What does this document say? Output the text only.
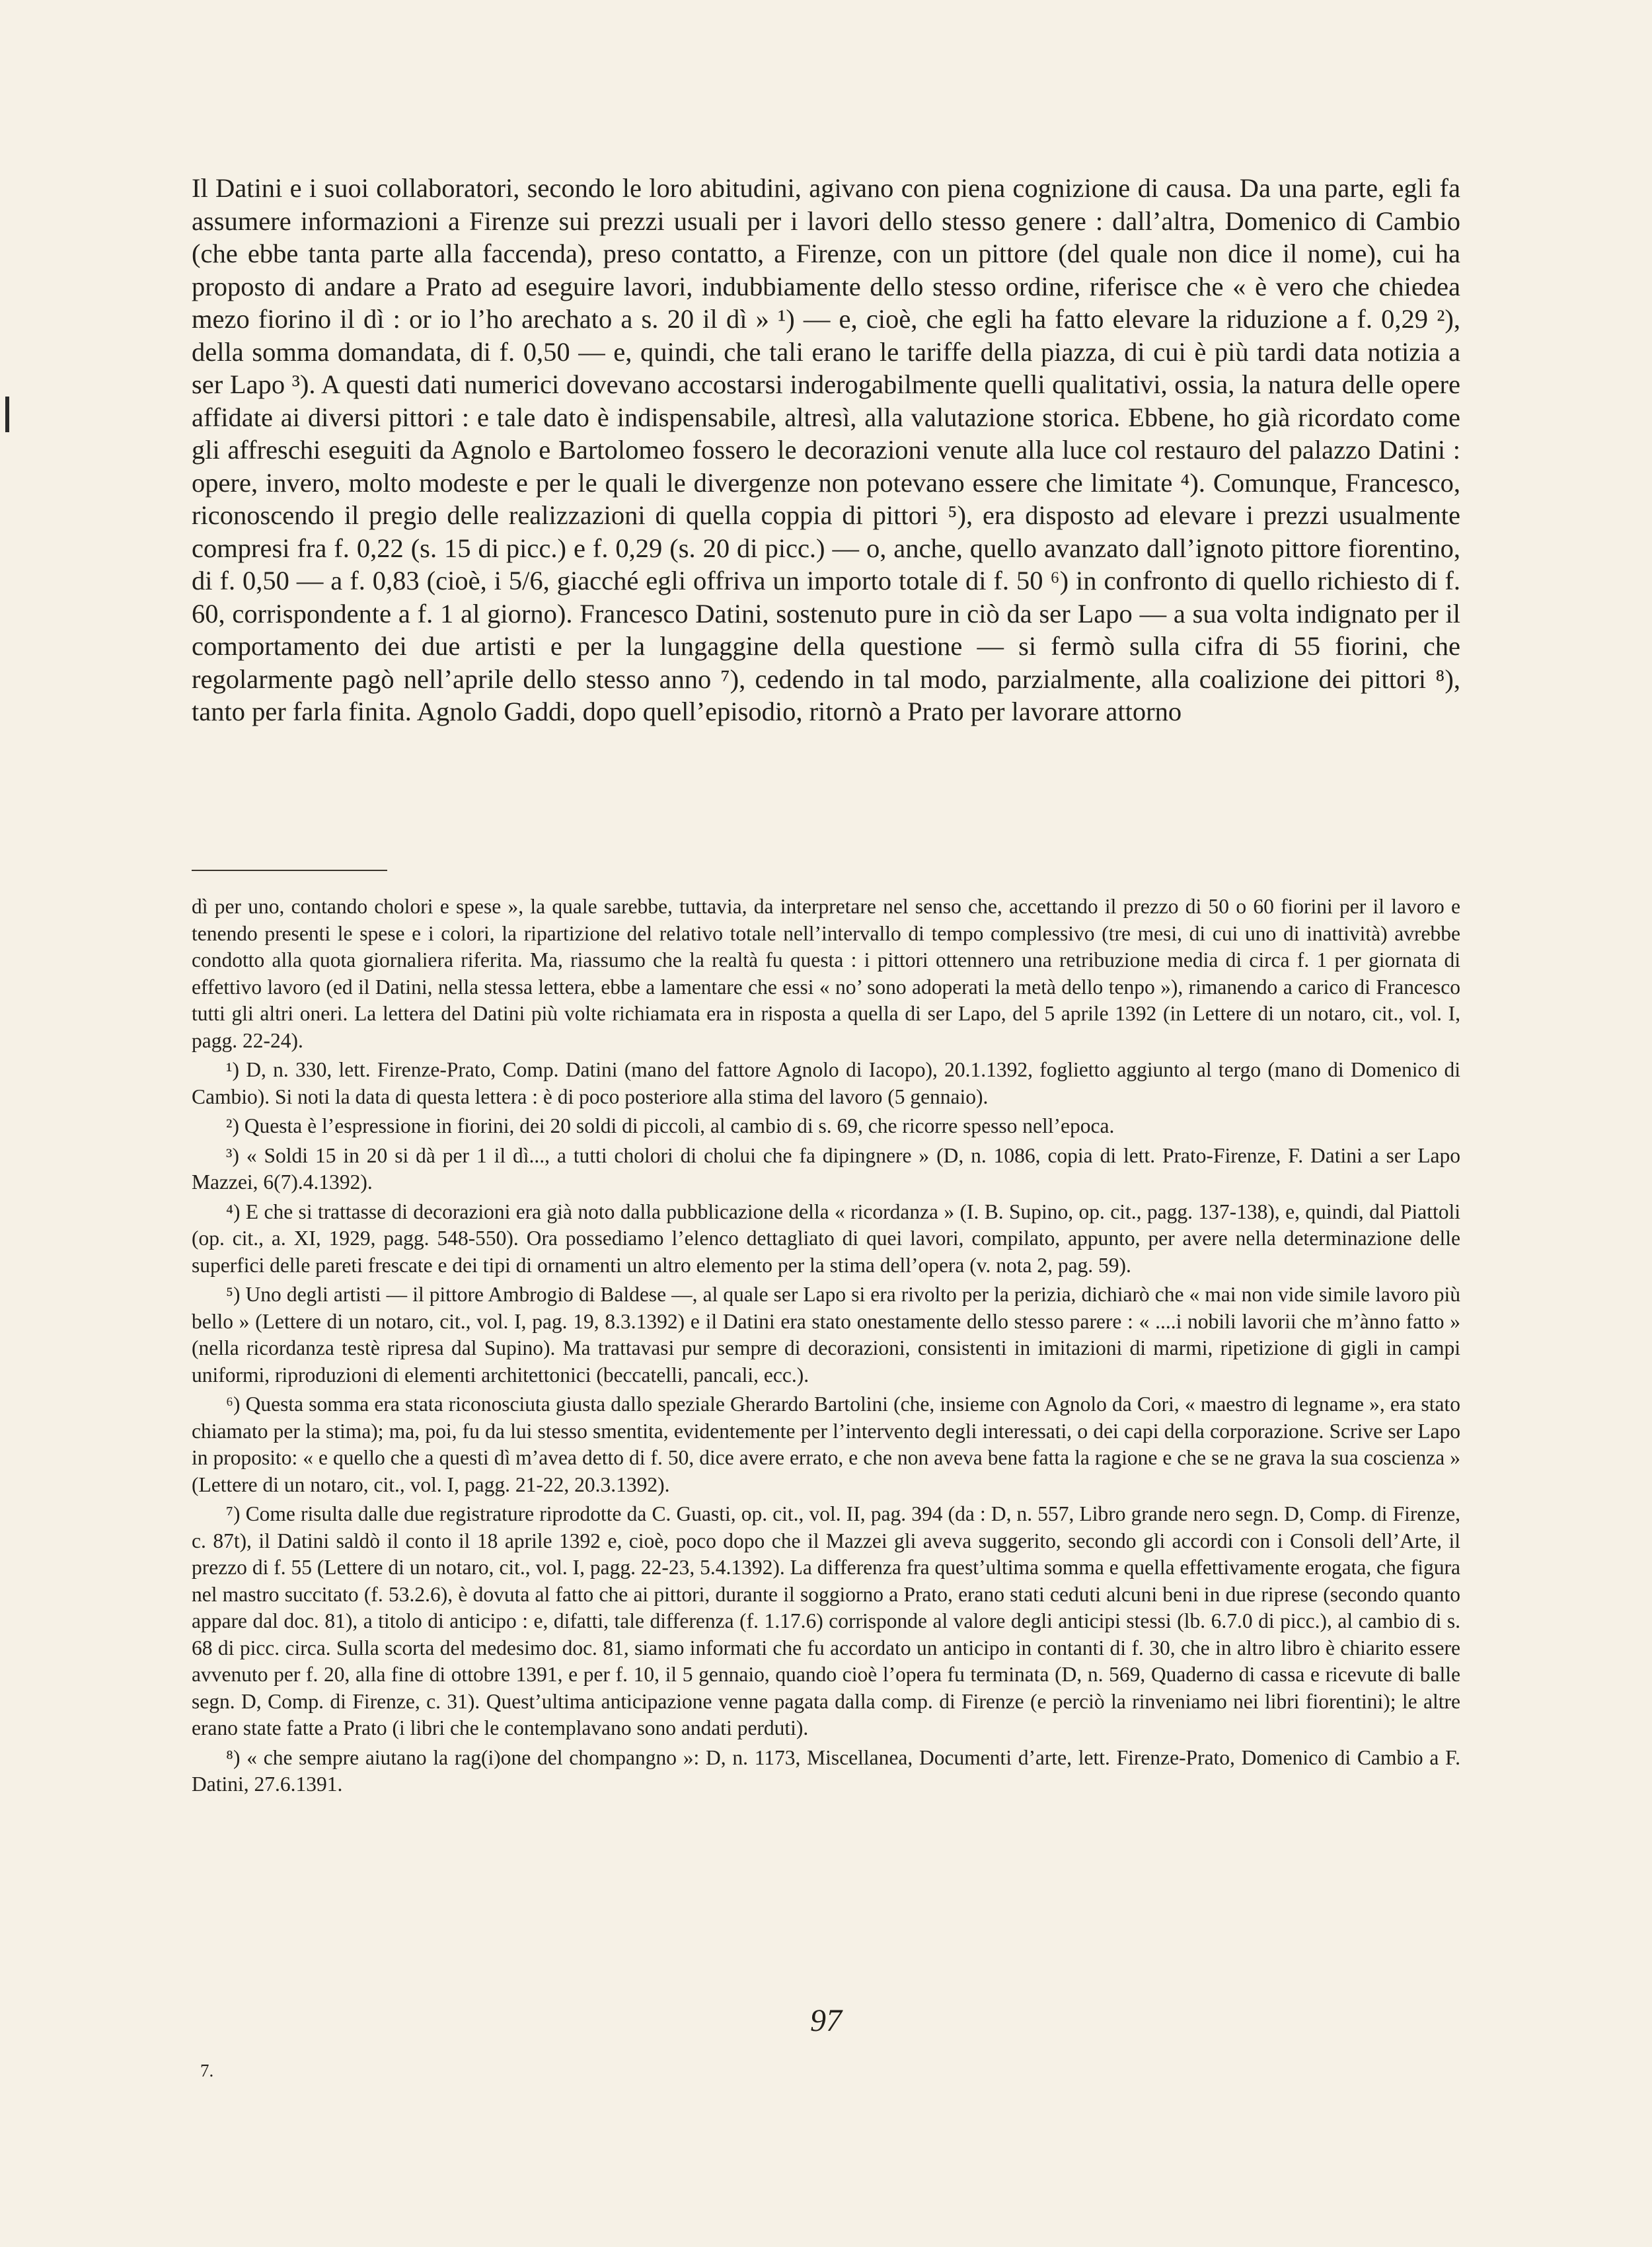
Il Datini e i suoi collaboratori, secondo le loro abitudini, agivano con piena cognizione di causa. Da una parte, egli fa assumere informazioni a Firenze sui prezzi usuali per i lavori dello stesso genere : dall’altra, Domenico di Cambio (che ebbe tanta parte alla faccenda), preso contatto, a Firenze, con un pittore (del quale non dice il nome), cui ha proposto di andare a Prato ad eseguire lavori, indubbiamente dello stesso ordine, riferisce che « è vero che chiedea mezo fiorino il dì : or io l’ho arechato a s. 20 il dì » ¹) — e, cioè, che egli ha fatto elevare la riduzione a f. 0,29 ²), della somma domandata, di f. 0,50 — e, quindi, che tali erano le tariffe della piazza, di cui è più tardi data notizia a ser Lapo ³). A questi dati numerici dovevano accostarsi inderogabilmente quelli qualitativi, ossia, la natura delle opere affidate ai diversi pittori : e tale dato è indispensabile, altresì, alla valutazione storica. Ebbene, ho già ricordato come gli affreschi eseguiti da Agnolo e Bartolomeo fossero le decorazioni venute alla luce col restauro del palazzo Datini : opere, invero, molto modeste e per le quali le divergenze non potevano essere che limitate ⁴). Comunque, Francesco, riconoscendo il pregio delle realizzazioni di quella coppia di pittori ⁵), era disposto ad elevare i prezzi usualmente compresi fra f. 0,22 (s. 15 di picc.) e f. 0,29 (s. 20 di picc.) — o, anche, quello avanzato dall’ignoto pittore fiorentino, di f. 0,50 — a f. 0,83 (cioè, i 5/6, giacché egli offriva un importo totale di f. 50 ⁶) in confronto di quello richiesto di f. 60, corrispondente a f. 1 al giorno). Francesco Datini, sostenuto pure in ciò da ser Lapo — a sua volta indignato per il comportamento dei due artisti e per la lungaggine della questione — si fermò sulla cifra di 55 fiorini, che regolarmente pagò nell’aprile dello stesso anno ⁷), cedendo in tal modo, parzialmente, alla coalizione dei pittori ⁸), tanto per farla finita. Agnolo Gaddi, dopo quell’episodio, ritornò a Prato per lavorare attorno

dì per uno, contando cholori e spese », la quale sarebbe, tuttavia, da interpretare nel senso che, accettando il prezzo di 50 o 60 fiorini per il lavoro e tenendo presenti le spese e i colori, la ripartizione del relativo totale nell’intervallo di tempo complessivo (tre mesi, di cui uno di inattività) avrebbe condotto alla quota giornaliera riferita. Ma, riassumo che la realtà fu questa : i pittori ottennero una retribuzione media di circa f. 1 per giornata di effettivo lavoro (ed il Datini, nella stessa lettera, ebbe a lamentare che essi « no’ sono adoperati la metà dello tenpo »), rimanendo a carico di Francesco tutti gli altri oneri. La lettera del Datini più volte richiamata era in risposta a quella di ser Lapo, del 5 aprile 1392 (in Lettere di un notaro, cit., vol. I, pagg. 22-24).

¹) D, n. 330, lett. Firenze-Prato, Comp. Datini (mano del fattore Agnolo di Iacopo), 20.1.1392, foglietto aggiunto al tergo (mano di Domenico di Cambio). Si noti la data di questa lettera : è di poco posteriore alla stima del lavoro (5 gennaio).

²) Questa è l’espressione in fiorini, dei 20 soldi di piccoli, al cambio di s. 69, che ricorre spesso nell’epoca.

³) « Soldi 15 in 20 si dà per 1 il dì..., a tutti cholori di cholui che fa dipingnere » (D, n. 1086, copia di lett. Prato-Firenze, F. Datini a ser Lapo Mazzei, 6(7).4.1392).

⁴) E che si trattasse di decorazioni era già noto dalla pubblicazione della « ricordanza » (I. B. Supino, op. cit., pagg. 137-138), e, quindi, dal Piattoli (op. cit., a. XI, 1929, pagg. 548-550). Ora possediamo l’elenco dettagliato di quei lavori, compilato, appunto, per avere nella determinazione delle superfici delle pareti frescate e dei tipi di ornamenti un altro elemento per la stima dell’opera (v. nota 2, pag. 59).

⁵) Uno degli artisti — il pittore Ambrogio di Baldese —, al quale ser Lapo si era rivolto per la perizia, dichiarò che « mai non vide simile lavoro più bello » (Lettere di un notaro, cit., vol. I, pag. 19, 8.3.1392) e il Datini era stato onestamente dello stesso parere : « ....i nobili lavorii che m’ànno fatto » (nella ricordanza testè ripresa dal Supino). Ma trattavasi pur sempre di decorazioni, consistenti in imitazioni di marmi, ripetizione di gigli in campi uniformi, riproduzioni di elementi architettonici (beccatelli, pancali, ecc.).

⁶) Questa somma era stata riconosciuta giusta dallo speziale Gherardo Bartolini (che, insieme con Agnolo da Cori, « maestro di legname », era stato chiamato per la stima); ma, poi, fu da lui stesso smentita, evidentemente per l’intervento degli interessati, o dei capi della corporazione. Scrive ser Lapo in proposito: « e quello che a questi dì m’avea detto di f. 50, dice avere errato, e che non aveva bene fatta la ragione e che se ne grava la sua coscienza » (Lettere di un notaro, cit., vol. I, pagg. 21-22, 20.3.1392).

⁷) Come risulta dalle due registrature riprodotte da C. Guasti, op. cit., vol. II, pag. 394 (da : D, n. 557, Libro grande nero segn. D, Comp. di Firenze, c. 87t), il Datini saldò il conto il 18 aprile 1392 e, cioè, poco dopo che il Mazzei gli aveva suggerito, secondo gli accordi con i Consoli dell’Arte, il prezzo di f. 55 (Lettere di un notaro, cit., vol. I, pagg. 22-23, 5.4.1392). La differenza fra quest’ultima somma e quella effettivamente erogata, che figura nel mastro succitato (f. 53.2.6), è dovuta al fatto che ai pittori, durante il soggiorno a Prato, erano stati ceduti alcuni beni in due riprese (secondo quanto appare dal doc. 81), a titolo di anticipo : e, difatti, tale differenza (f. 1.17.6) corrisponde al valore degli anticipi stessi (lb. 6.7.0 di picc.), al cambio di s. 68 di picc. circa. Sulla scorta del medesimo doc. 81, siamo informati che fu accordato un anticipo in contanti di f. 30, che in altro libro è chiarito essere avvenuto per f. 20, alla fine di ottobre 1391, e per f. 10, il 5 gennaio, quando cioè l’opera fu terminata (D, n. 569, Quaderno di cassa e ricevute di balle segn. D, Comp. di Firenze, c. 31). Quest’ultima anticipazione venne pagata dalla comp. di Firenze (e perciò la rinveniamo nei libri fiorentini); le altre erano state fatte a Prato (i libri che le contemplavano sono andati perduti).

⁸) « che sempre aiutano la rag(i)one del chompangno »: D, n. 1173, Miscellanea, Documenti d’arte, lett. Firenze-Prato, Domenico di Cambio a F. Datini, 27.6.1391.

97
7.
